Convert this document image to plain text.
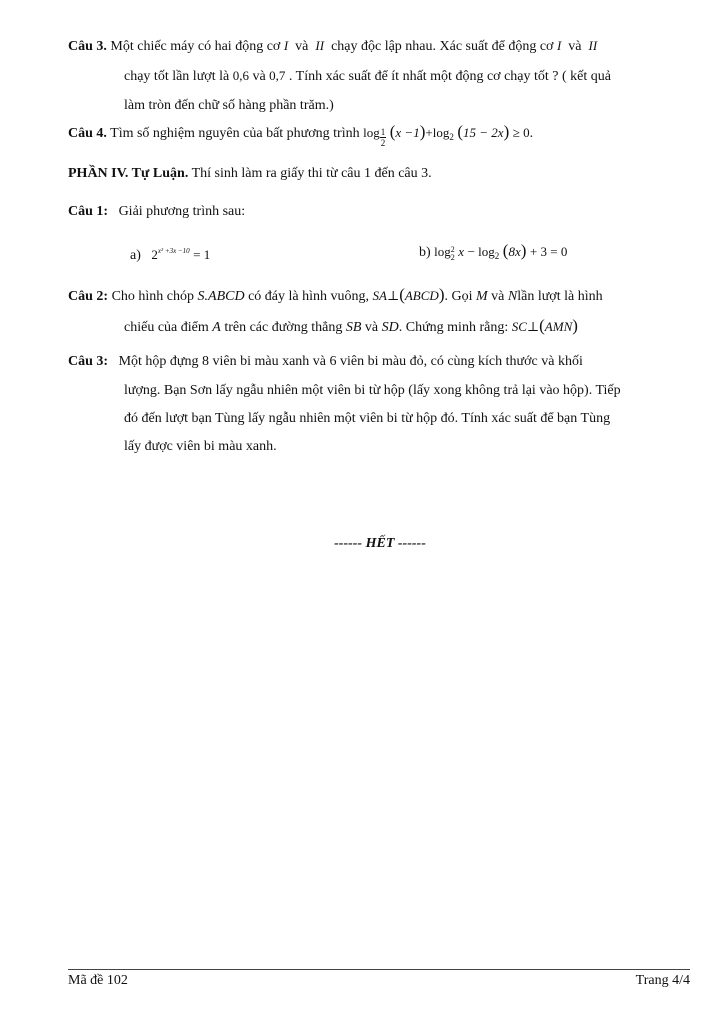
Câu 3. Một chiếc máy có hai động cơ I và II chạy độc lập nhau. Xác suất để động cơ I và II
chạy tốt lần lượt là 0,6 và 0,7 . Tính xác suất để ít nhất một động cơ chạy tốt ? ( kết quả
làm tròn đến chữ số hàng phần trăm.)
Câu 4. Tìm số nghiệm nguyên của bất phương trình $\log \frac{1}{2} (x -1)+\log_2$ (15 − 2x) ≥ 0.
PHẦN IV. Tự Luận. Thí sinh làm ra giấy thi từ câu 1 đến câu 3.
Câu 1: Giải phương trình sau:
a) $2^{x^2 +3x -10} = 1$	b) log 2
2 $x - \log_2 (8x) + 3 = 0$
Câu 2: Cho hình chóp S.ABCD có đáy là hình vuông, SA⊥(ABCD). Gọi M và Nlần lượt là hình
chiếu của điểm A trên các đường thẳng SB và SD. Chứng minh rằng: SC⊥(AMN)
Câu 3: Một hộp đựng 8 viên bi màu xanh và 6 viên bi màu đỏ, có cùng kích thước và khối
lượng. Bạn Sơn lấy ngẫu nhiên một viên bi từ hộp (lấy xong không trả lại vào hộp). Tiếp
đó đến lượt bạn Tùng lấy ngẫu nhiên một viên bi từ hộp đó. Tính xác suất để bạn Tùng
lấy được viên bi màu xanh.
------ HẾT ------
Mã đề 102	Trang 4/4
